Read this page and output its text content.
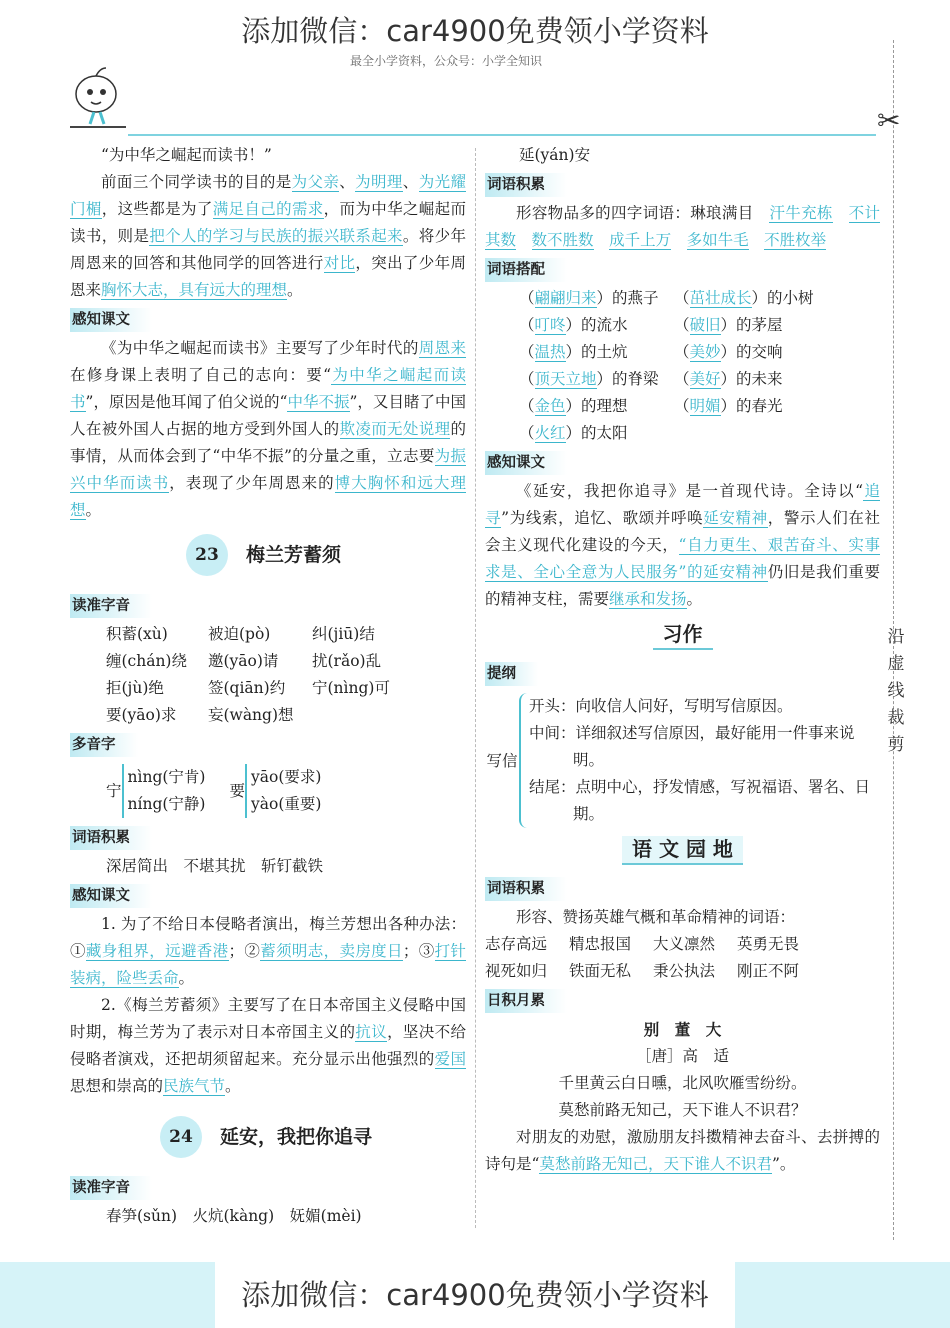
添加微信：car4900免费领小学资料
最全小学资料，公众号：小学全知识
添加微信：car4900免费领小学资料
✂
沿虚线裁剪

“为中华之崛起而读书！”

前面三个同学读书的目的是为父亲、为明理、为光耀门楣，这些都是为了满足自己的需求，而为中华之崛起而读书，则是把个人的学习与民族的振兴联系起来。将少年周恩来的回答和其他同学的回答进行对比，突出了少年周恩来胸怀大志，具有远大的理想。

感知课文

《为中华之崛起而读书》主要写了少年时代的周恩来在修身课上表明了自己的志向：要“为中华之崛起而读书”，原因是他耳闻了伯父说的“中华不振”，又目睹了中国人在被外国人占据的地方受到外国人的欺凌而无处说理的事情，从而体会到了“中华不振”的分量之重，立志要为振兴中华而读书，表现了少年周恩来的博大胸怀和远大理想。

23	梅兰芳蓄须
读准字音
积蓄(xù)	被迫(pò)	纠(jiū)结
缠(chán)绕	邀(yāo)请	扰(rǎo)乱
拒(jù)绝	签(qiān)约	宁(nìng)可
要(yāo)求	妄(wàng)想
多音字
宁
nìng(宁肯)
níng(宁静)
要
yāo(要求)
yào(重要)
词语积累
深居简出　不堪其扰　斩钉截铁
感知课文

1. 为了不给日本侵略者演出，梅兰芳想出各种办法：①藏身租界，远避香港；②蓄须明志，卖房度日；③打针装病，险些丢命。

2.《梅兰芳蓄须》主要写了在日本帝国主义侵略中国时期，梅兰芳为了表示对日本帝国主义的抗议，坚决不给侵略者演戏，还把胡须留起来。充分显示出他强烈的爱国思想和崇高的民族气节。

24	延安，我把你追寻
读准字音
春笋(sǔn)　火炕(kàng)　妩媚(mèi)
延(yán)安
词语积累

形容物品多的四字词语：琳琅满目　 汗牛充栋　 不计其数　 数不胜数　 成千上万　 多如牛毛　 不胜枚举

词语搭配
（翩翩归来）的燕子 （茁壮成长）的小树
（叮咚）的流水	（破旧）的茅屋
（温热）的土炕	（美妙）的交响
（顶天立地）的脊梁 （美好）的未来
（金色）的理想	（明媚）的春光
（火红）的太阳
感知课文

《延安，我把你追寻》是一首现代诗。全诗以“追寻”为线索，追忆、歌颂并呼唤延安精神，警示人们在社会主义现代化建设的今天，“自力更生、艰苦奋斗、实事求是、全心全意为人民服务”的延安精神仍旧是我们重要的精神支柱，需要继承和发扬。

习作
提纲
写信
开头：向收信人问好，写明写信原因。
中间：详细叙述写信原因，最好能用一件事来说明。
结尾：点明中心，抒发情感，写祝福语、署名、日期。
语 文 园 地
词语积累

形容、赞扬英雄气概和革命精神的词语：

志存高远	精忠报国	大义凛然	英勇无畏
视死如归	铁面无私	秉公执法	刚正不阿
日积月累
别　董　大
［唐］高　适
千里黄云白日曛，北风吹雁雪纷纷。
莫愁前路无知己，天下谁人不识君？

对朋友的劝慰，激励朋友抖擞精神去奋斗、去拼搏的诗句是“莫愁前路无知己，天下谁人不识君”。
